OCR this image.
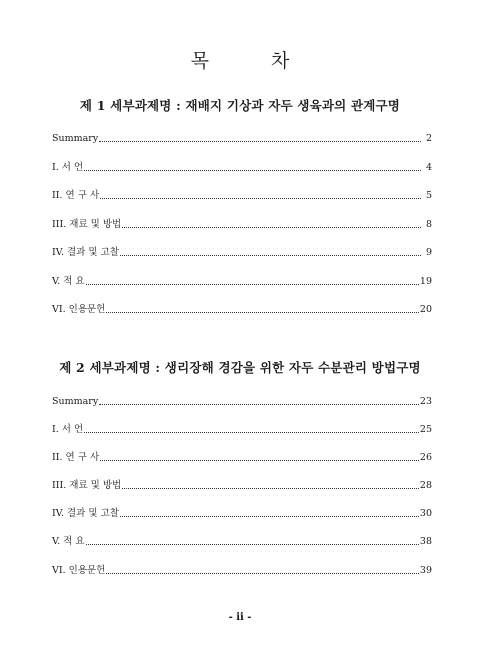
목 차
제 1 세부과제명 : 재배지 기상과 자두 생육과의 관계구명
Summary	2
I. 서 언	4
II. 연 구 사	5
III. 재료 및 방법	8
IV. 결과 및 고찰	9
V. 적 요	19
VI. 인용문헌	20
제 2 세부과제명 : 생리장해 경감을 위한 자두 수분관리 방법구명
Summary	23
I. 서 언	25
II. 연 구 사	26
III. 재료 및 방법	28
IV. 결과 및 고찰	30
V. 적 요	38
VI. 인용문헌	39
- ii -
